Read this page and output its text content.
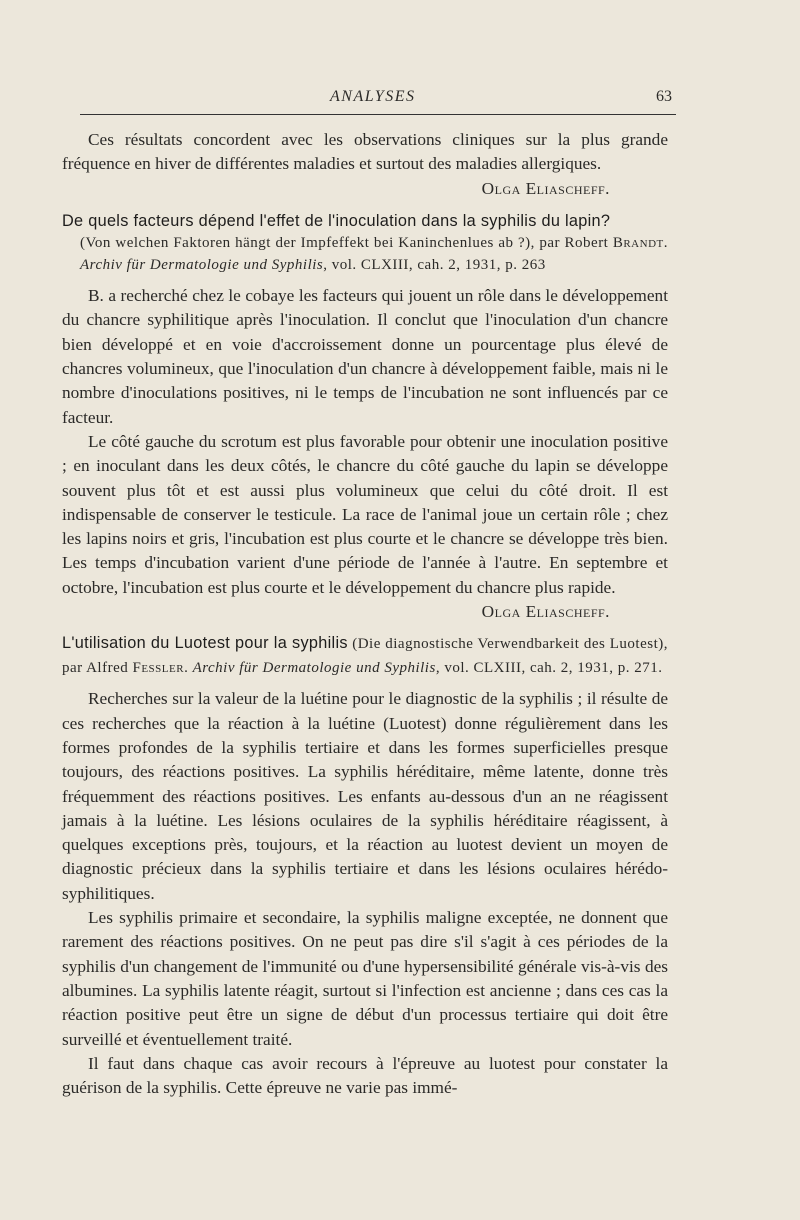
ANALYSES	63

Ces résultats concordent avec les observations cliniques sur la plus grande fréquence en hiver de différentes maladies et surtout des maladies allergiques.
Olga Eliascheff.

De quels facteurs dépend l'effet de l'inoculation dans la syphilis du lapin?
(Von welchen Faktoren hängt der Impfeffekt bei Kaninchenlues ab ?), par Robert Brandt. Archiv für Dermatologie und Syphilis, vol. CLXIII, cah. 2, 1931, p. 263

B. a recherché chez le cobaye les facteurs qui jouent un rôle dans le développement du chancre syphilitique après l'inoculation. Il conclut que l'inoculation d'un chancre bien développé et en voie d'accroissement donne un pourcentage plus élevé de chancres volumineux, que l'inoculation d'un chancre à développement faible, mais ni le nombre d'inoculations positives, ni le temps de l'incubation ne sont influencés par ce facteur.

Le côté gauche du scrotum est plus favorable pour obtenir une inoculation positive ; en inoculant dans les deux côtés, le chancre du côté gauche du lapin se développe souvent plus tôt et est aussi plus volumineux que celui du côté droit. Il est indispensable de conserver le testicule. La race de l'animal joue un certain rôle ; chez les lapins noirs et gris, l'incubation est plus courte et le chancre se développe très bien. Les temps d'incubation varient d'une période de l'année à l'autre. En septembre et octobre, l'incubation est plus courte et le développement du chancre plus rapide.
Olga Eliascheff.

L'utilisation du Luotest pour la syphilis (Die diagnostische Verwendbarkeit des Luotest), par Alfred Fessler. Archiv für Dermatologie und Syphilis, vol. CLXIII, cah. 2, 1931, p. 271.

Recherches sur la valeur de la luétine pour le diagnostic de la syphilis ; il résulte de ces recherches que la réaction à la luétine (Luotest) donne régulièrement dans les formes profondes de la syphilis tertiaire et dans les formes superficielles presque toujours, des réactions positives. La syphilis héréditaire, même latente, donne très fréquemment des réactions positives. Les enfants au-dessous d'un an ne réagissent jamais à la luétine. Les lésions oculaires de la syphilis héréditaire réagissent, à quelques exceptions près, toujours, et la réaction au luotest devient un moyen de diagnostic précieux dans la syphilis tertiaire et dans les lésions oculaires hérédo-syphilitiques.

Les syphilis primaire et secondaire, la syphilis maligne exceptée, ne donnent que rarement des réactions positives. On ne peut pas dire s'il s'agit à ces périodes de la syphilis d'un changement de l'immunité ou d'une hypersensibilité générale vis-à-vis des albumines. La syphilis latente réagit, surtout si l'infection est ancienne ; dans ces cas la réaction positive peut être un signe de début d'un processus tertiaire qui doit être surveillé et éventuellement traité.

Il faut dans chaque cas avoir recours à l'épreuve au luotest pour constater la guérison de la syphilis. Cette épreuve ne varie pas immé-
